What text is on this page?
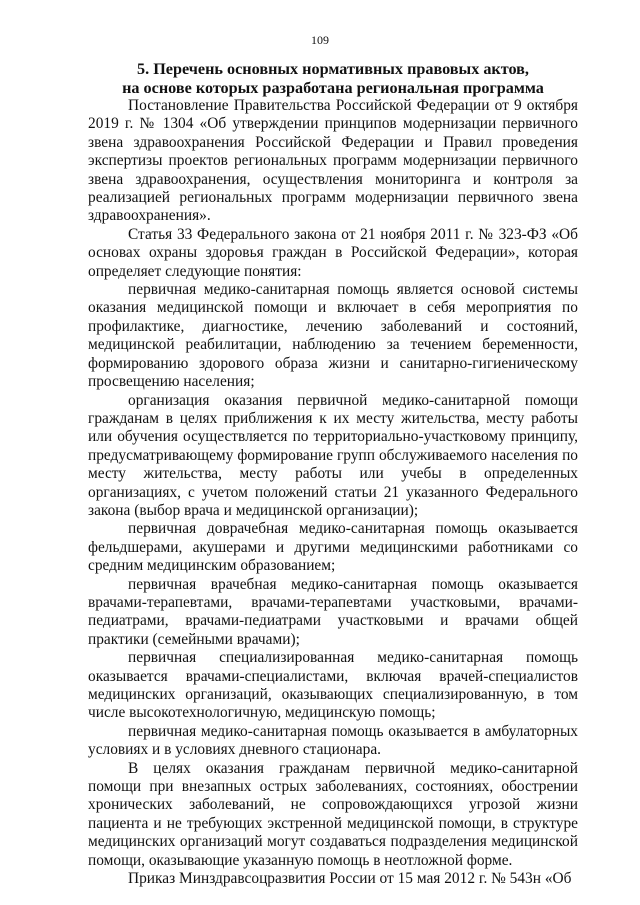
109
5. Перечень основных нормативных правовых актов,
на основе которых разработана региональная программа

Постановление Правительства Российской Федерации от 9 октября 2019 г. № 1304 «Об утверждении принципов модернизации первичного звена здравоохранения Российской Федерации и Правил проведения экспертизы проектов региональных программ модернизации первичного звена здравоохранения, осуществления мониторинга и контроля за реализацией региональных программ модернизации первичного звена здравоохранения».

Статья 33 Федерального закона от 21 ноября 2011 г. № 323-ФЗ «Об основах охраны здоровья граждан в Российской Федерации», которая определяет следующие понятия:

первичная медико-санитарная помощь является основой системы оказания медицинской помощи и включает в себя мероприятия по профилактике, диагностике, лечению заболеваний и состояний, медицинской реабилитации, наблюдению за течением беременности, формированию здорового образа жизни и санитарно-гигиеническому просвещению населения;

организация оказания первичной медико-санитарной помощи гражданам в целях приближения к их месту жительства, месту работы или обучения осуществляется по территориально-участковому принципу, предусматривающему формирование групп обслуживаемого населения по месту жительства, месту работы или учебы в определенных организациях, с учетом положений статьи 21 указанного Федерального закона (выбор врача и медицинской организации);

первичная доврачебная медико-санитарная помощь оказывается фельдшерами, акушерами и другими медицинскими работниками со средним медицинским образованием;

первичная врачебная медико-санитарная помощь оказывается врачами-терапевтами, врачами-терапевтами участковыми, врачами-педиатрами, врачами-педиатрами участковыми и врачами общей практики (семейными врачами);

первичная специализированная медико-санитарная помощь оказывается врачами-специалистами, включая врачей-специалистов медицинских организаций, оказывающих специализированную, в том числе высокотехнологичную, медицинскую помощь;

первичная медико-санитарная помощь оказывается в амбулаторных условиях и в условиях дневного стационара.

В целях оказания гражданам первичной медико-санитарной помощи при внезапных острых заболеваниях, состояниях, обострении хронических заболеваний, не сопровождающихся угрозой жизни пациента и не требующих экстренной медицинской помощи, в структуре медицинских организаций могут создаваться подразделения медицинской помощи, оказывающие указанную помощь в неотложной форме.

Приказ Минздравсоцразвития России от 15 мая 2012 г. № 543н «Об
